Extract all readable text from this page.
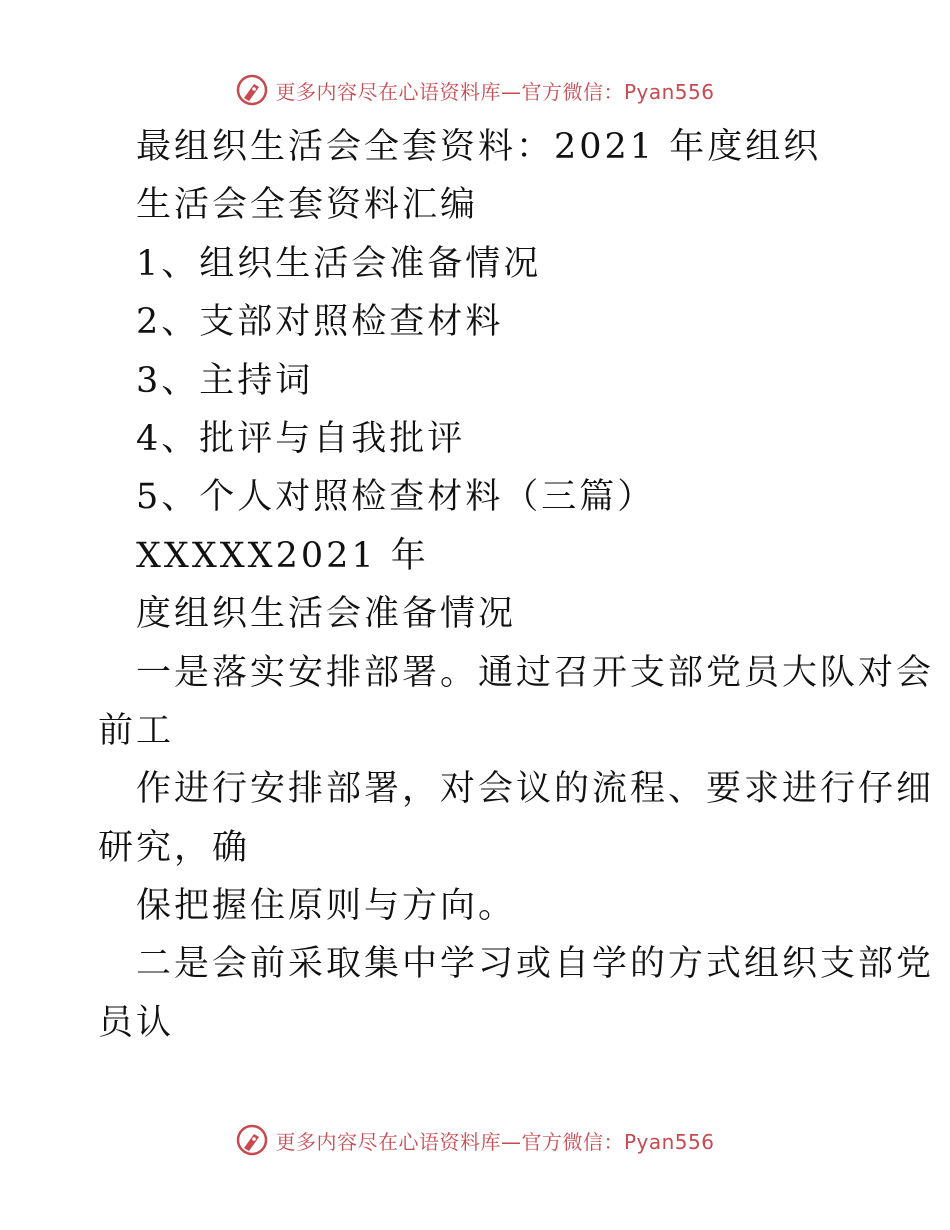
更多内容尽在心语资料库—官方微信：Pyan556
最组织生活会全套资料：2021 年度组织
生活会全套资料汇编
1、组织生活会准备情况
2、支部对照检查材料
3、主持词
4、批评与自我批评
5、个人对照检查材料（三篇）
XXXXX2021 年
度组织生活会准备情况
一是落实安排部署。通过召开支部党员大队对会
前工
作进行安排部署，对会议的流程、要求进行仔细
研究，确
保把握住原则与方向。
二是会前采取集中学习或自学的方式组织支部党
员认
更多内容尽在心语资料库—官方微信：Pyan556
